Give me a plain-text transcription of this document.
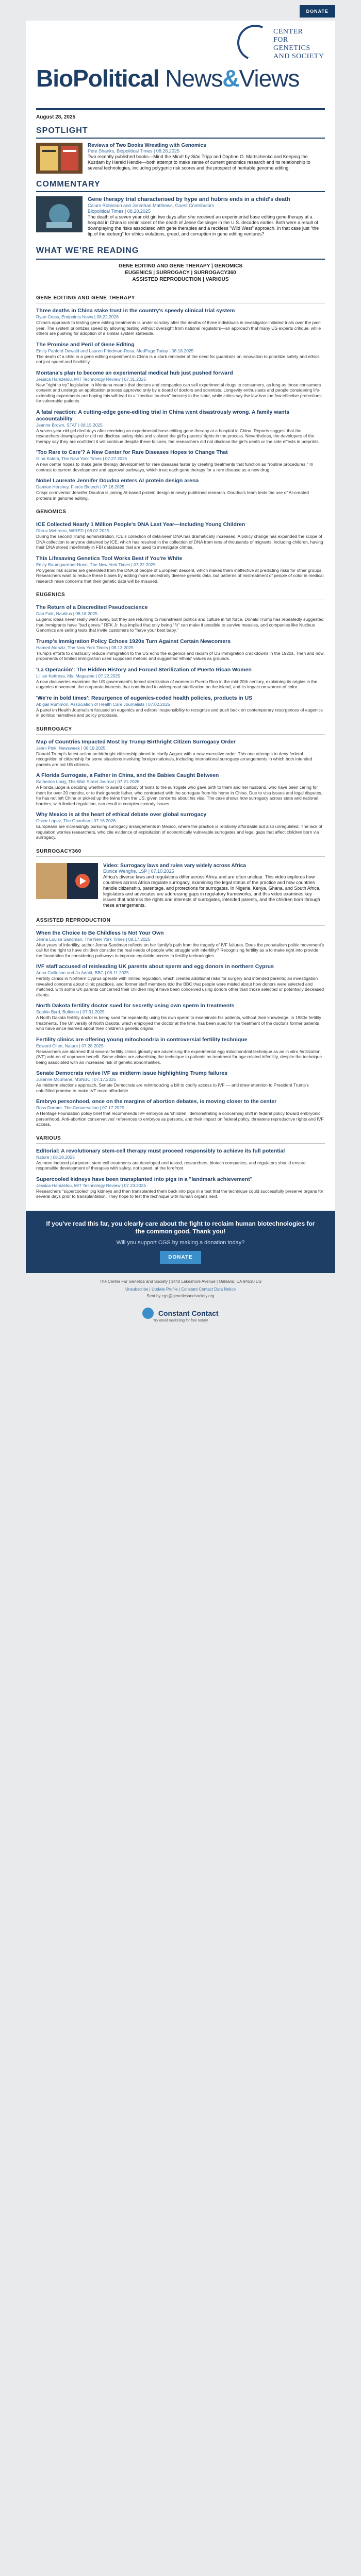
DONATE
CENTER
FOR
GENETICS
AND SOCIETY
BioPolitical News&Views
August 28, 2025
SPOTLIGHT
Reviews of Two Books Wrestling with Genomics
Pete Shanks, Biopolitical Times | 08.26.2025
Two recently published books—Mind the Mind! by Siân Tripp and Daphne O. Martschenko and Keeping the Kuzdam by Harald Hendle—both attempt to make sense of current genomics research and its relationship to several technologies, including polygenic risk scores and the prospect of heritable genome editing.
COMMENTARY
Gene therapy trial characterised by hype and hubris ends in a child's death
Calum Robinson and Jonathan Matthews, Guest Contributors
Biopolitical Times | 08.20.2025
The death of a seven year old girl two days after she received an experimental base editing gene therapy at a hospital in China is reminiscent of the death of Jesse Gelsinger in the U.S. decades earlier. Both were a result of downplaying the risks associated with gene therapies and a reckless "Wild West" approach. In that case just "the tip of the iceberg" for ethics violations, greed, and corruption in gene editing ventures?
WHAT WE'RE READING
GENE EDITING AND GENE THERAPY | GENOMICS
EUGENICS | SURROGACY | SURROGACY360
ASSISTED REPRODUCTION | VARIOUS
GENE EDITING AND GENE THERAPY
Three deaths in China stake trust in the country's speedy clinical trial system
Ryan Cross, Endpoints News | 08.22.2026
China's approach to testing gene editing treatments is under scrutiny after the deaths of three individuals in investigator-initiated trials over the past year. The system prioritizes speed by allowing testing without oversight from national regulators—an approach that many US experts critique, while others are pushing for adoption of a similar system stateside.
The Promise and Peril of Gene Editing
Emily Panford Dewald and Lauren Friedman-Rosa, MedPage Today | 08.18.2025
The death of a child in a gene editing experiment in China is a stark reminder of the need for guardrails on innovation to prioritize safety and ethics, not just speed and flexibility.
Montana's plan to become an experimental medical hub just pushed forward
Jessica Hamzelou, MIT Technology Review | 07.31.2025
New "right to try" legislation in Montana means that doctors and companies can sell experimental drugs to consumers, as long as those consumers consent and undergo an application process approved only by a board of doctors and scientists. Longevity enthusiasts and people considering life-extending experiments are hoping this will lead to a "medical tourism" industry in the state, while critics say the law has too few effective protections for vulnerable patients.
A fatal reaction: A cutting-edge gene-editing trial in China went disastrously wrong. A family wants accountability
Jeanne Brown, STAT | 08.15.2025
A seven-year-old girl died days after receiving an experimental base-editing gene therapy at a hospital in China. Reports suggest that the researchers downplayed or did not disclose safety risks and violated the girl's parents' rights in the process. Nevertheless, the developers of the therapy say they are confident it will continue despite these failures, the researchers did not disclose the girl's death or the side effects in preprints.
'Too Rare to Care'? A New Center for Rare Diseases Hopes to Change That
Gina Kolata, The New York Times | 07.27.2025
A new center hopes to make gene therapy development for rare diseases faster by creating treatments that function as "routine procedures." In contrast to current development and approval pathways, which treat each gene therapy for a rare disease as a new drug.
Nobel Laureate Jennifer Doudna enters AI protein design arena
Damian Hershey, Fierce Biotech | 07.16.2025
Crispr co-inventor Jennifer Doudna is joining AI-based protein design in newly published research. Doudna's team tests the use of AI-created proteins in genome editing.
GENOMICS
ICE Collected Nearly 1 Million People's DNA Last Year—Including Young Children
Dhruv Mehrotra, WIRED | 08.02.2025
During the second Trump administration, ICE's collection of detainees' DNA has dramatically increased. A policy change has expanded the scope of DNA collection to anyone detained by ICE, which has resulted in the collection of DNA from tens of thousands of migrants, including children, having their DNA stored indefinitely in FBI databases that are used to investigate crimes.
This Lifesaving Genetics Tool Works Best if You're White
Emily Baumgaertner Nunn, The New York Times | 07.22.2025
Polygenic risk scores are generated from the DNA of people of European descent, which makes them ineffective at predicting risks for other groups. Researchers want to reduce these biases by adding more ancestrally diverse genetic data, but patterns of mistreatment of people of color in medical research raise concerns that their genetic data will be misused.
EUGENICS
The Return of a Discredited Pseudoscience
Dan Falk, Nautilus | 08.18.2025
Eugenic ideas never really went away, but they are returning to mainstream politics and culture in full force. Donald Trump has repeatedly suggested that immigrants have "bad genes." RFK Jr. has implied that only being "fit" can make it possible to survive measles, and companies like Nucleus Genomics are selling tests that invite customers to "have your best baby."
Trump's Immigration Policy Echoes 1920s Turn Against Certain Newcomers
Hamed Aleaziz, The New York Times | 08.13.2025
Trump's efforts to drastically reduce immigration to the US echo the eugenics and racism of US immigration crackdowns in the 1920s. Then and now, proponents of limited immigration used supposed rhetoric and suggested 'ethnic' values as grounds.
'La Operación': The Hidden History and Forced Sterilization of Puerto Rican Women
Lillian Kettreya, Ms. Magazine | 07.22.2025
A new docuseries examines the US government's forced sterilization of women in Puerto Rico in the mid-20th century, explaining its origins in the eugenics movement, the corporate interests that contributed to widespread sterilization on the island, and its impact on women of color.
'We're in bold times': Resurgence of eugenics-coded health policies, products in US
Abigail Rummon, Association of Health Care Journalists | 07.02.2025
A panel on Health Journalism focused on eugenics and editors' responsibility to recognize and push back on contemporary resurgences of eugenics in political narratives and policy proposals.
SURROGACY
Map of Countries Impacted Most by Trump Birthright Citizen Surrogacy Order
Jenni Pink, Newsweek | 08.19.2025
Donald Trump's latest action on birthright citizenship aimed to clarify August with a new executive order. This one attempts to deny federal recognition of citizenship for some situations involving foreign nationals, including international surrogacy arrangements in which both intended parents are not US citizens.
A Florida Surrogate, a Father in China, and the Babies Caught Between
Katherine Long, The Wall Street Journal | 07.21.2026
A Florida judge is deciding whether to award custody of twins to the surrogate who gave birth to them and her husband, who have been caring for them for over 20 months, or to their genetic father, who contracted with the surrogate from his home in China. Due to visa issues and legal disputes, he has not left China or picked up the twins from the US, given concerns about his visa. The case shows how surrogacy across state and national borders, with limited regulation, can result in complex custody issues.
Why Mexico is at the heart of ethical debate over global surrogacy
Oscar Lopez, The Guardian | 07.16.2026
Europeans are increasingly pursuing surrogacy arrangements in Mexico, where the practice is relatively affordable but also unregulated. The lack of regulation worries researchers, who cite evidence of exploitation of economically vulnerable surrogates and legal gaps that affect children born via surrogacy.
SURROGACY360
Video: Surrogacy laws and rules vary widely across Africa
Eunice Wenghe, LSP | 07.10.2025
Africa's diverse laws and regulations differ across Africa and are often unclear. This video explores how countries across Africa regulate surrogacy, examining the legal status of the practice and how countries handle citizenship, parentage, and protections for surrogates. In Nigeria, Kenya, Ghana, and South Africa, legislators and advocates are addressing gaps in regulatory frameworks, and this video examines key issues that address the rights and interests of surrogates, intended parents, and the children born through these arrangements.
ASSISTED REPRODUCTION
When the Choice to Be Childless Is Not Your Own
Jenna Louise Sandman, The New York Times | 08.17.2025
After years of infertility, author Jenna Sandman reflects on her family's path from the tragedy of IVF failures. Does the pronatalism politic movement's call for the right to have children consider the real needs of people who struggle with infertility? Recognizing fertility as a to make right into provide the foundation for considering pathways to improve equitable access to fertility technologies.
IVF staff accused of misleading UK parents about sperm and egg donors in northern Cyprus
Anna Collinson and Jo Adnitt, BBC | 08.11.2025
Fertility clinics in Northern Cyprus operate with limited regulation, which creates additional risks for surgery and intended parents; an investigation revealed concerns about clinic practices, and former staff members told the BBC that people were misled about how donors were selected and matched, with some UK parents concerned their children might have been conceived using donors other than those selected or potentially deceased clients.
North Dakota fertility doctor sued for secretly using own sperm in treatments
Sophie Byrd, Bulletins | 07.31.2025
A North Dakota fertility doctor is being sued for repeatedly using his own sperm to inseminate his patients, without their knowledge, in 1980s fertility treatments. The University of North Dakota, which employed the doctor at the time, has been sued for the treatment of the doctor's former patients who have since learned about their children's genetic origins.
Fertility clinics are offering young mitochondria in controversial fertility technique
Edward Ollen, Nature | 07.28.2025
Researchers are alarmed that several fertility clinics globally are advertising the experimental egg mitochondrial technique as an in vitro fertilization (IVF) add-on of unproven benefit. Some clinics are advertising the technique to patients as treatment for age-related infertility, despite the technique being associated with an increased risk of genetic abnormalities.
Senate Democrats revive IVF as midterm issue highlighting Trump failures
Julianne McShane, MSNBC | 07.17.2025
As midterm elections approach, Senate Democrats are reintroducing a bill to codify access to IVF — and drew attention to President Trump's unfulfilled promise to make IVF more affordable.
Embryo personhood, once on the margins of abortion debates, is moving closer to the center
Ross Dormer, The Conversation | 07.17.2025
A Heritage Foundation policy brief that recommends IVF embryos as 'children,' demonstrating a concerning shift in federal policy toward embryonic personhood. Anti-abortion conservatives' references to embryos as persons, and their impact on federal policy, threatens reproductive rights and IVF access.
VARIOUS
Editorial: A revolutionary stem-cell therapy must proceed responsibly to achieve its full potential
Nature | 08.18.2025
As more induced pluripotent stem cell treatments are developed and tested, researchers, biotech companies, and regulators should ensure responsible development of therapies with safety, not speed, at the forefront.
Supercooled kidneys have been transplanted into pigs in a "landmark achievement"
Jessica Hamzelou, MIT Technology Review | 07.23.2025
Researchers "supercooled" pig kidneys and then transplanted them back into pigs in a test that the technique could successfully preserve organs for several days prior to transplantation. They hope to test the technique with human organs next.
If you've read this far, you clearly care about the fight to reclaim human biotechnologies for the common good. Thank you!
Will you support CGS by making a donation today?
DONATE
The Center For Genetics and Society | 1440 Lakeshore Avenue | Oakland, CA 94610 US
Unsubscribe | Update Profile | Constant Contact Data Notice
Sent by cgs@geneticsandsociety.org
Constant Contact
Try email marketing for free today!
